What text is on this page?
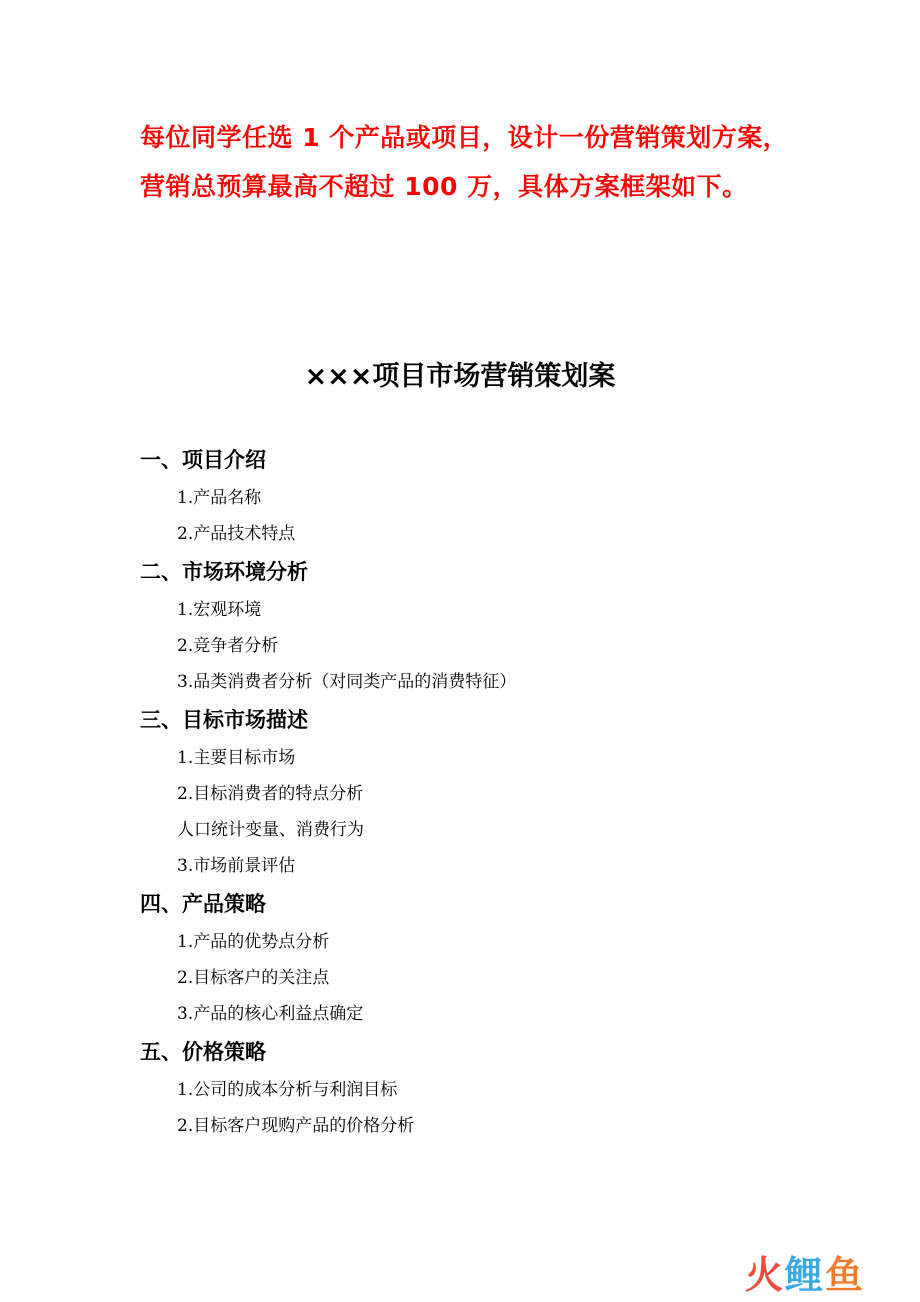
每位同学任选 1 个产品或项目，设计一份营销策划方案，营销总预算最高不超过 100 万，具体方案框架如下。
×××项目市场营销策划案
一、项目介绍
1.产品名称
2.产品技术特点
二、市场环境分析
1.宏观环境
2.竞争者分析
3.品类消费者分析（对同类产品的消费特征）
三、目标市场描述
1.主要目标市场
2.目标消费者的特点分析
人口统计变量、消费行为
3.市场前景评估
四、产品策略
1.产品的优势点分析
2.目标客户的关注点
3.产品的核心利益点确定
五、价格策略
1.公司的成本分析与利润目标
2.目标客户现购产品的价格分析
火 鲤 鱼
